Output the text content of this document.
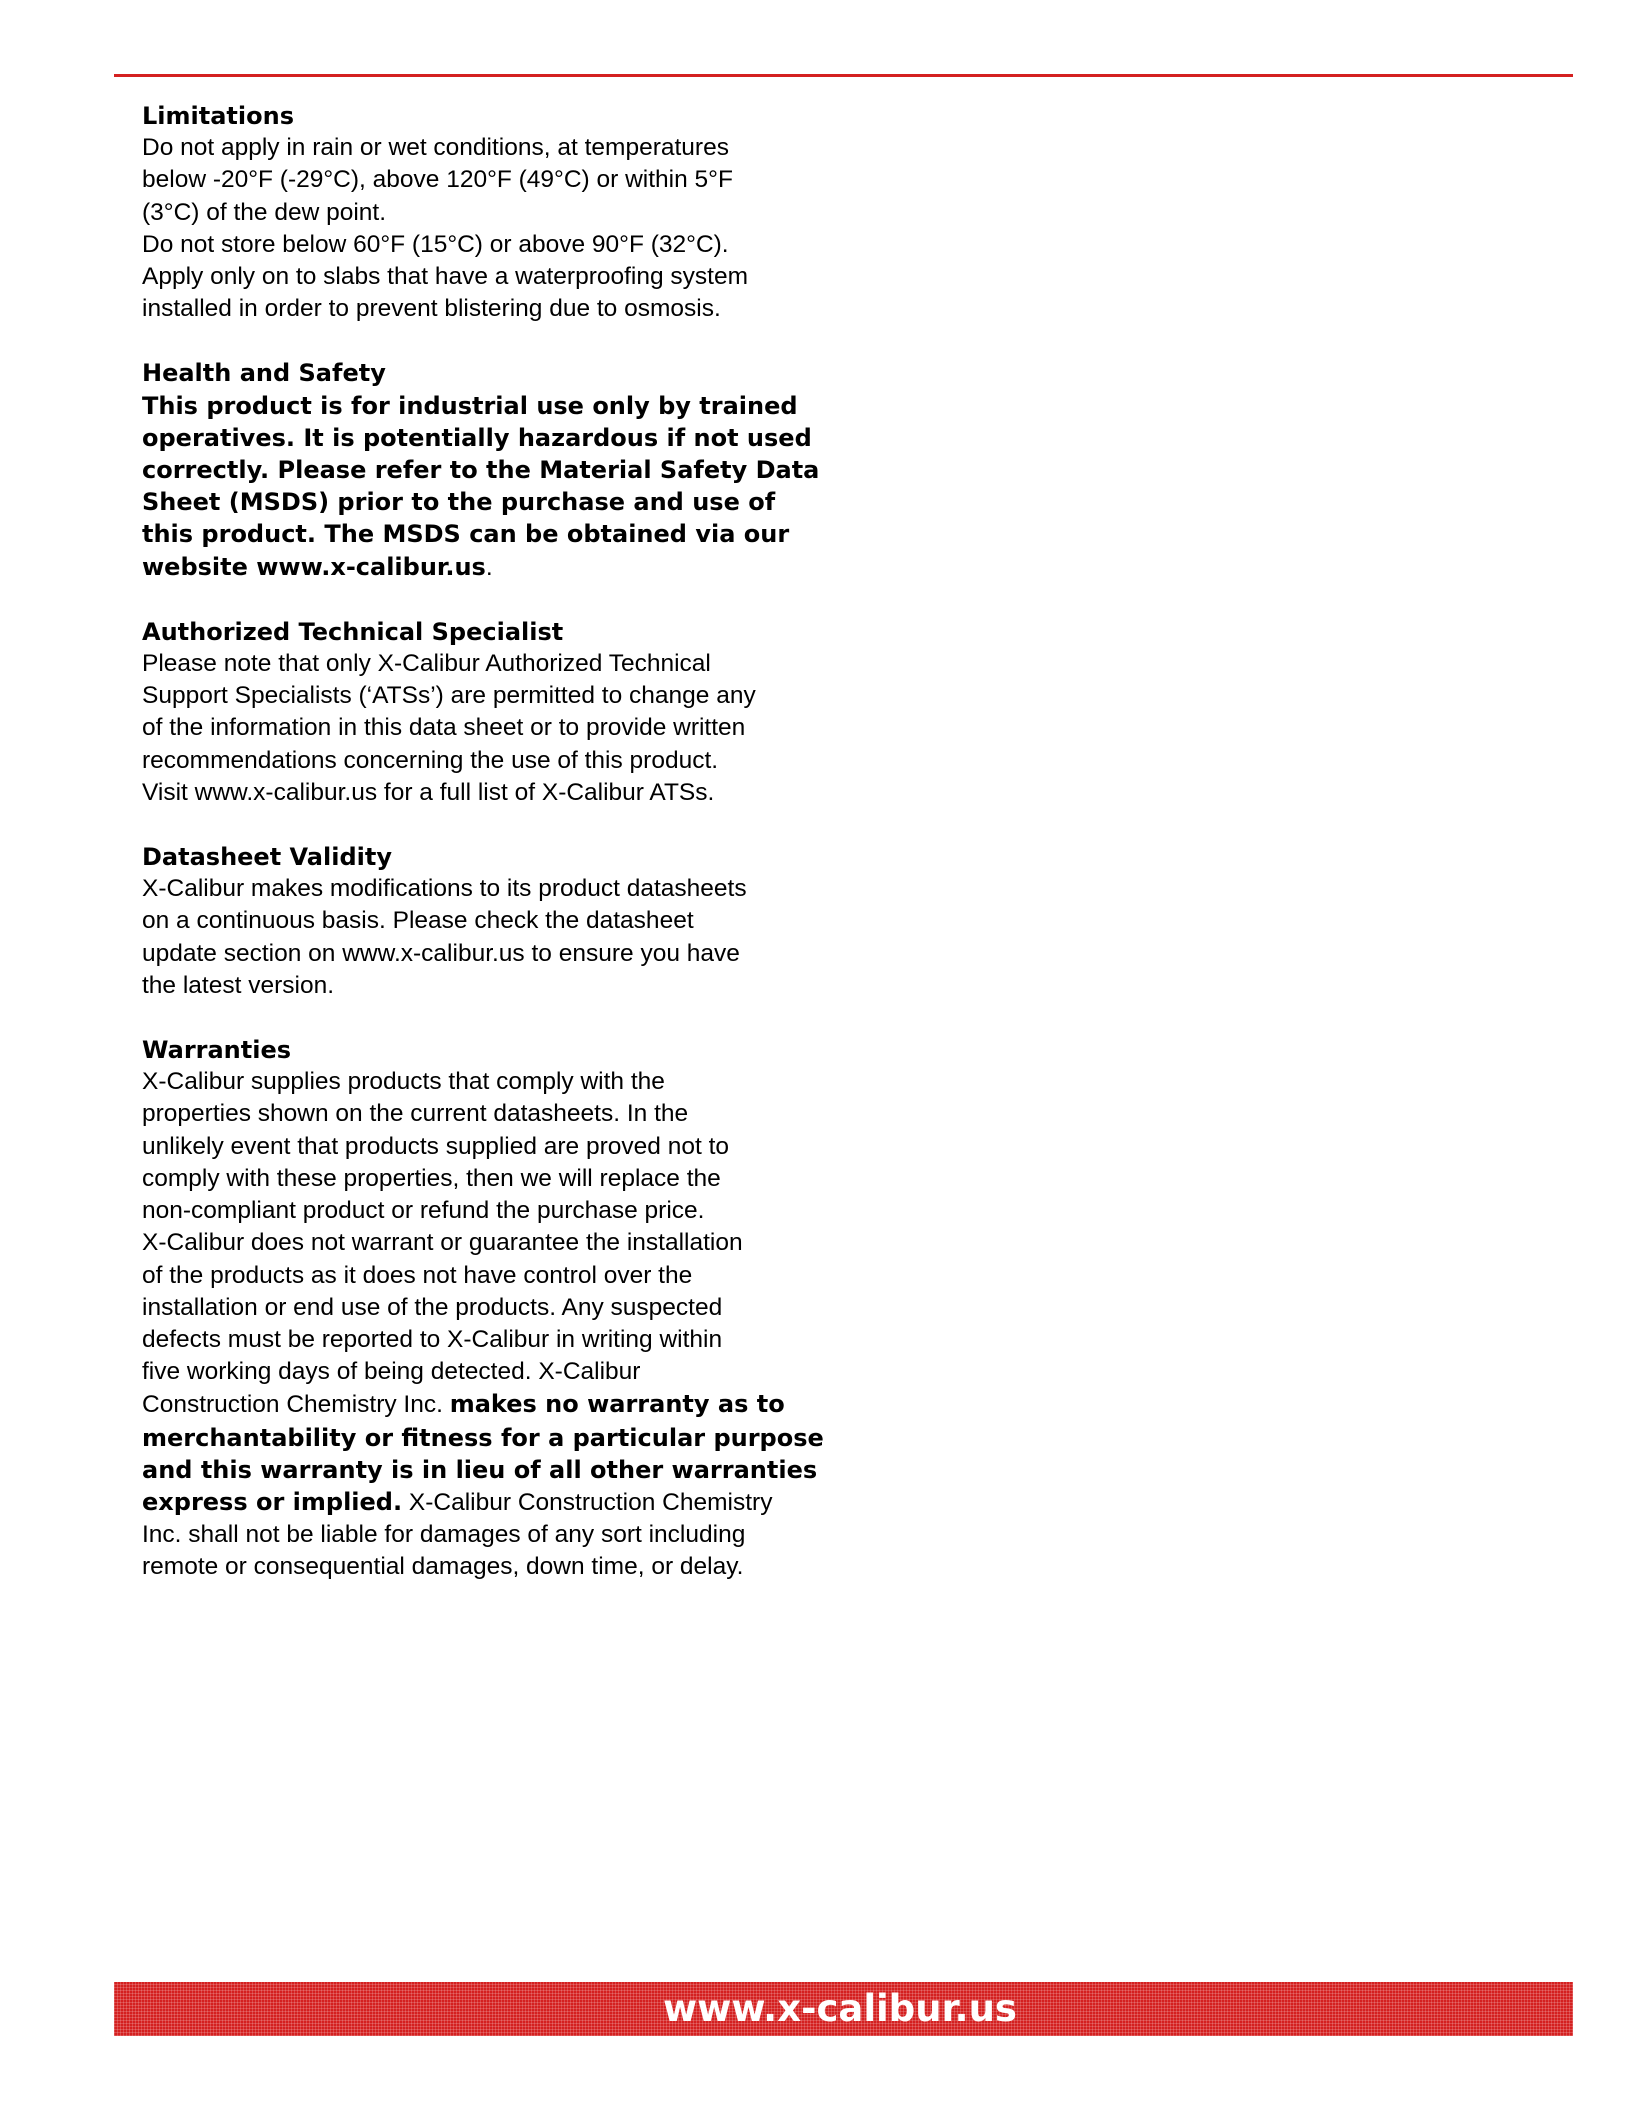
Limitations

Do not apply in rain or wet conditions, at temperatures

below -20°F (-29°C), above 120°F (49°C) or within 5°F

(3°C) of the dew point.

Do not store below 60°F (15°C) or above 90°F (32°C).

Apply only on to slabs that have a waterproofing system

installed in order to prevent blistering due to osmosis.

Health and Safety

This product is for industrial use only by trained

operatives. It is potentially hazardous if not used

correctly. Please refer to the Material Safety Data

Sheet (MSDS) prior to the purchase and use of

this product. The MSDS can be obtained via our

website www.x-calibur.us.

Authorized Technical Specialist

Please note that only X-Calibur Authorized Technical

Support Specialists (‘ATSs’) are permitted to change any

of the information in this data sheet or to provide written

recommendations concerning the use of this product.

Visit www.x-calibur.us for a full list of X-Calibur ATSs.

Datasheet Validity

X-Calibur makes modifications to its product datasheets

on a continuous basis. Please check the datasheet

update section on www.x-calibur.us to ensure you have

the latest version.

Warranties

X-Calibur supplies products that comply with the

properties shown on the current datasheets. In the

unlikely event that products supplied are proved not to

comply with these properties, then we will replace the

non-compliant product or refund the purchase price.

X-Calibur does not warrant or guarantee the installation

of the products as it does not have control over the

installation or end use of the products. Any suspected

defects must be reported to X-Calibur in writing within

five working days of being detected. X-Calibur

Construction Chemistry Inc. makes no warranty as to

merchantability or fitness for a particular purpose

and this warranty is in lieu of all other warranties

express or implied. X-Calibur Construction Chemistry

Inc. shall not be liable for damages of any sort including

remote or consequential damages, down time, or delay.

www.x-calibur.us
